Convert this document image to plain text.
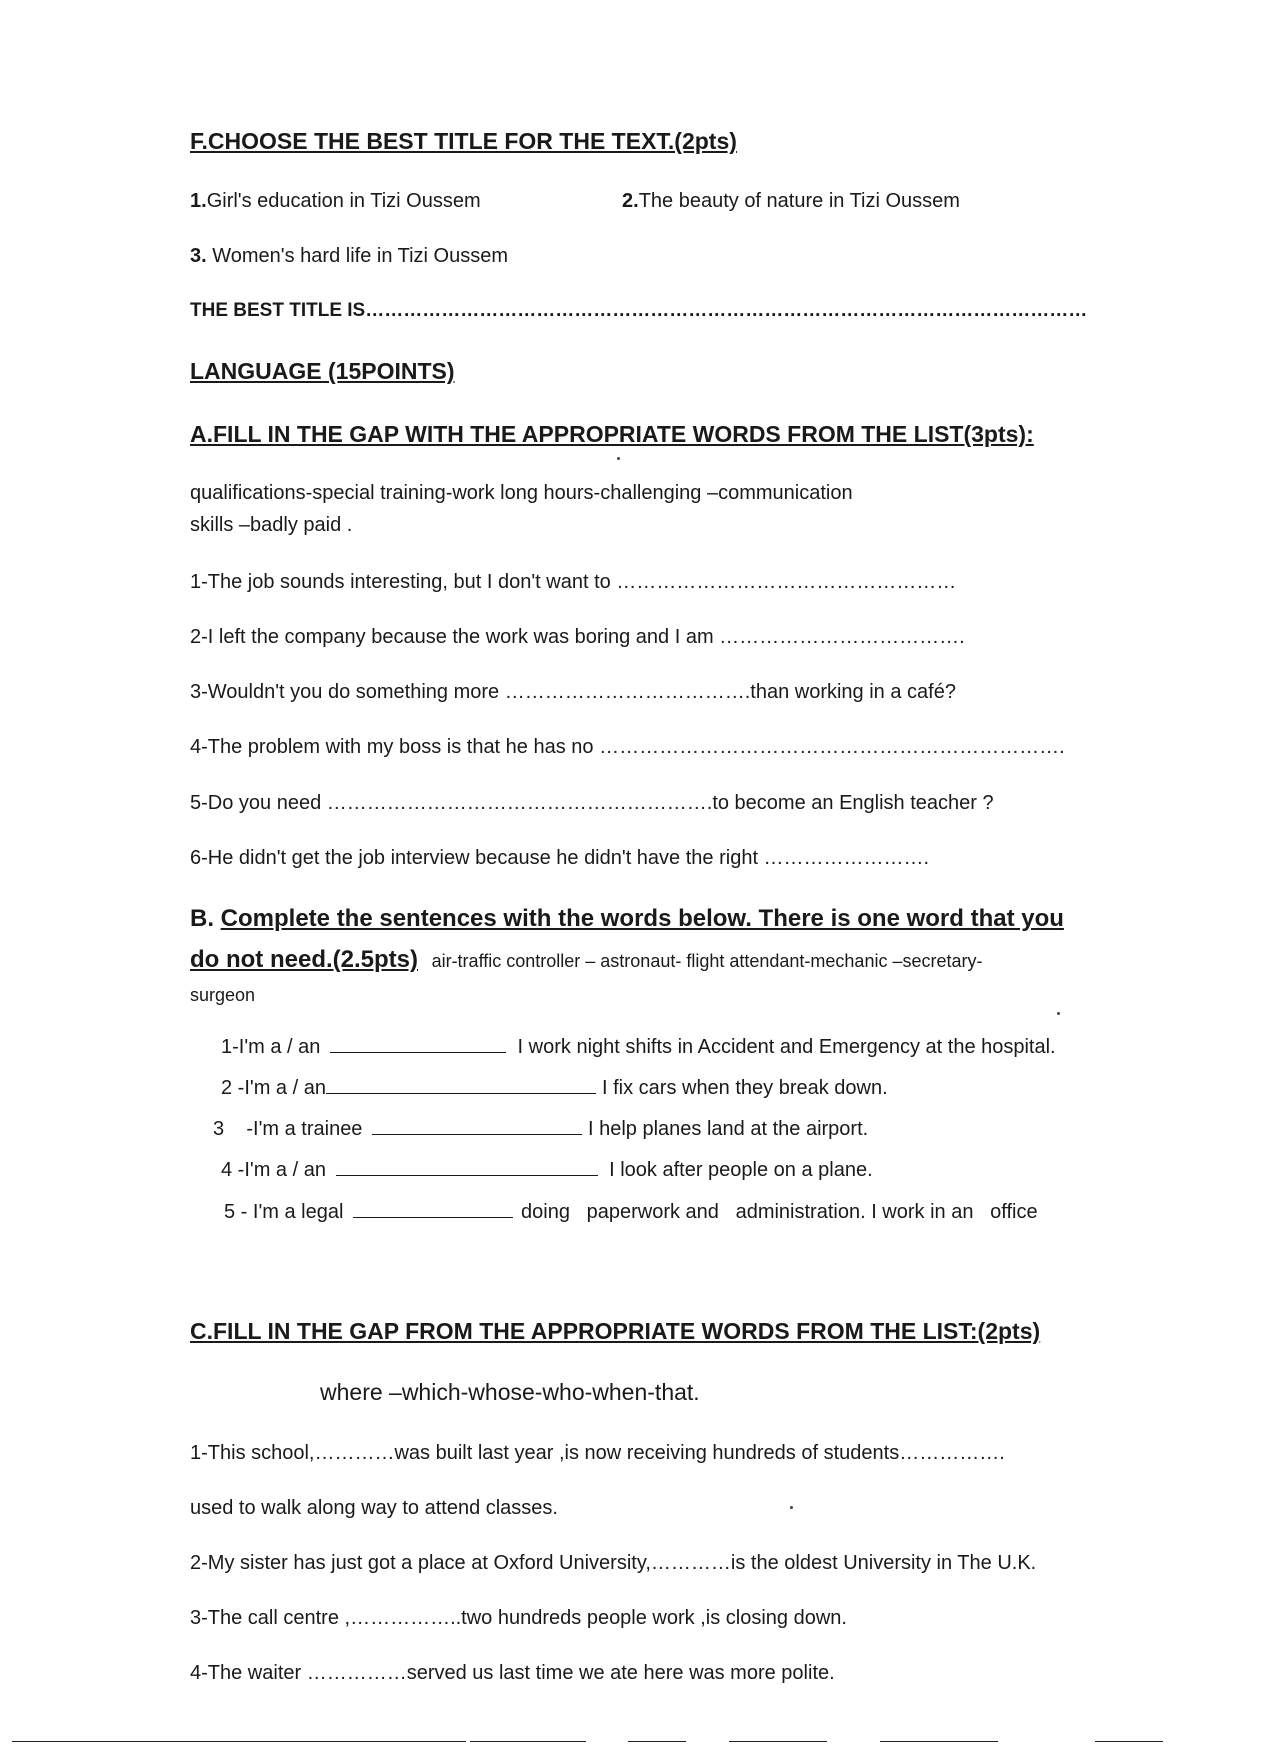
F.CHOOSE THE BEST TITLE FOR THE TEXT.(2pts)
1.Girl's education in Tizi Oussem	2.The beauty of nature in Tizi Oussem
3. Women's hard life in Tizi Oussem
THE BEST TITLE IS……………………………………………………………………………………………………
LANGUAGE (15POINTS)
A.FILL IN THE GAP WITH THE APPROPRIATE WORDS FROM THE LIST(3pts):
qualifications-special training-work long hours-challenging –communication
skills –badly paid .
1-The job sounds interesting, but I don't want to ……………………………………………
2-I left the company because the work was boring and I am ……………………………….
3-Wouldn't you do something more ……………………………….than working in a café?
4-The problem with my boss is that he has no …………………………………………………………….
5-Do you need ………………………………………………….to become an English teacher ?
6-He didn't get the job interview because he didn't have the right …………………….
B. Complete the sentences with the words below. There is one word that you
do not need.(2.5pts) air-traffic controller – astronaut- flight attendant-mechanic –secretary-
surgeon
1-I'm a / an	I work night shifts in Accident and Emergency at the hospital.
2 -I'm a / an	I fix cars when they break down.
3    -I'm a trainee	I help planes land at the airport.
4 -I'm a / an	I look after people on a plane.
5 - I'm a legal	doing   paperwork and   administration. I work in an   office
C.FILL IN THE GAP FROM THE APPROPRIATE WORDS FROM THE LIST:(2pts)
where –which-whose-who-when-that.
1-This school,…………was built last year ,is now receiving hundreds of students…………….
used to walk along way to attend classes.
2-My sister has just got a place at Oxford University,…………is the oldest University in The U.K.
3-The call centre ,……………..two hundreds people work ,is closing down.
4-The waiter ……………served us last time we ate here was more polite.
